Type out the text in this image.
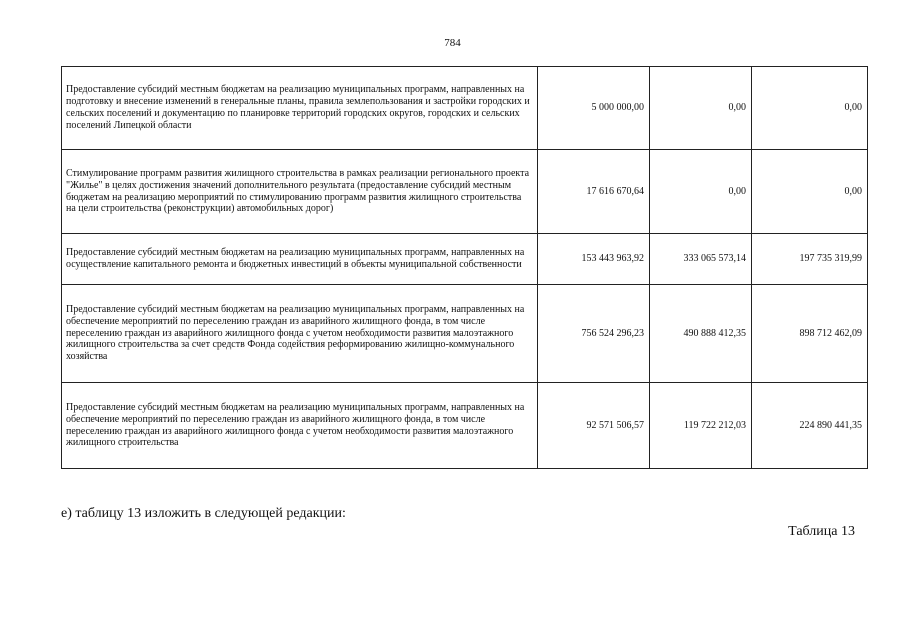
784
Предоставление субсидий местным бюджетам на реализацию муниципальных программ, направленных на подготовку и внесение изменений в генеральные планы, правила землепользования и застройки городских и сельских поселений и документацию по планировке территорий городских округов, городских и сельских поселений Липецкой области	5 000 000,00	0,00	0,00
Стимулирование программ развития жилищного строительства в рамках реализации регионального проекта "Жилье" в целях достижения значений дополнительного результата (предоставление субсидий местным бюджетам на реализацию мероприятий по стимулированию программ развития жилищного строительства на цели строительства (реконструкции) автомобильных дорог)	17 616 670,64	0,00	0,00
Предоставление субсидий местным бюджетам на реализацию муниципальных программ, направленных на осуществление капитального ремонта и бюджетных инвестиций в объекты муниципальной собственности	153 443 963,92	333 065 573,14	197 735 319,99
Предоставление субсидий местным бюджетам на реализацию муниципальных программ, направленных на обеспечение мероприятий по переселению граждан из аварийного жилищного фонда, в том числе переселению граждан из аварийного жилищного фонда с учетом необходимости развития малоэтажного жилищного строительства за счет средств Фонда содействия реформированию жилищно-коммунального хозяйства	756 524 296,23	490 888 412,35	898 712 462,09
Предоставление субсидий местным бюджетам на реализацию муниципальных программ, направленных на обеспечение мероприятий по переселению граждан из аварийного жилищного фонда, в том числе переселению граждан из аварийного жилищного фонда с учетом необходимости развития малоэтажного жилищного строительства	92 571 506,57	119 722 212,03	224 890 441,35
е) таблицу 13 изложить в следующей редакции:
Таблица 13
